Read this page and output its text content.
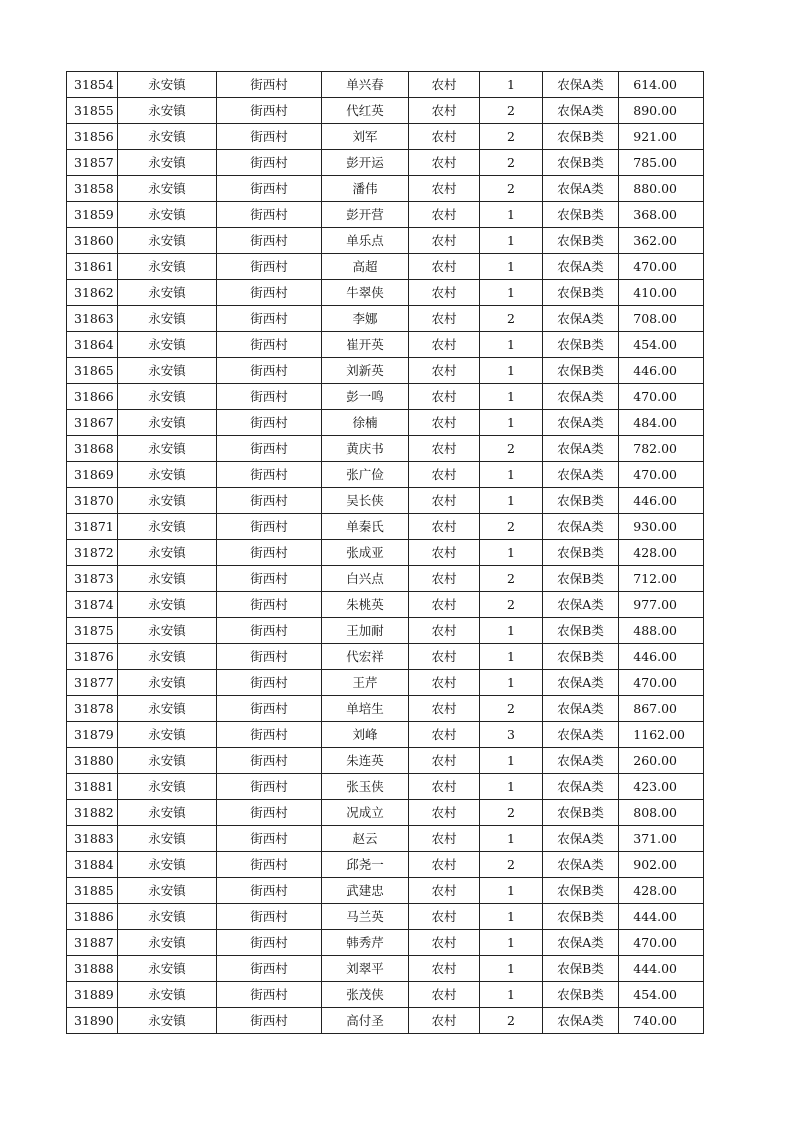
31854	永安镇	街西村	单兴春	农村	1	农保A类	614.00
31855	永安镇	街西村	代红英	农村	2	农保A类	890.00
31856	永安镇	街西村	刘军	农村	2	农保B类	921.00
31857	永安镇	街西村	彭开运	农村	2	农保B类	785.00
31858	永安镇	街西村	潘伟	农村	2	农保A类	880.00
31859	永安镇	街西村	彭开营	农村	1	农保B类	368.00
31860	永安镇	街西村	单乐点	农村	1	农保B类	362.00
31861	永安镇	街西村	高超	农村	1	农保A类	470.00
31862	永安镇	街西村	牛翠侠	农村	1	农保B类	410.00
31863	永安镇	街西村	李娜	农村	2	农保A类	708.00
31864	永安镇	街西村	崔开英	农村	1	农保B类	454.00
31865	永安镇	街西村	刘新英	农村	1	农保B类	446.00
31866	永安镇	街西村	彭一鸣	农村	1	农保A类	470.00
31867	永安镇	街西村	徐楠	农村	1	农保A类	484.00
31868	永安镇	街西村	黄庆书	农村	2	农保A类	782.00
31869	永安镇	街西村	张广俭	农村	1	农保A类	470.00
31870	永安镇	街西村	吴长侠	农村	1	农保B类	446.00
31871	永安镇	街西村	单秦氏	农村	2	农保A类	930.00
31872	永安镇	街西村	张成亚	农村	1	农保B类	428.00
31873	永安镇	街西村	白兴点	农村	2	农保B类	712.00
31874	永安镇	街西村	朱桃英	农村	2	农保A类	977.00
31875	永安镇	街西村	王加耐	农村	1	农保B类	488.00
31876	永安镇	街西村	代宏祥	农村	1	农保B类	446.00
31877	永安镇	街西村	王芹	农村	1	农保A类	470.00
31878	永安镇	街西村	单培生	农村	2	农保A类	867.00
31879	永安镇	街西村	刘峰	农村	3	农保A类	1162.00
31880	永安镇	街西村	朱连英	农村	1	农保A类	260.00
31881	永安镇	街西村	张玉侠	农村	1	农保A类	423.00
31882	永安镇	街西村	况成立	农村	2	农保B类	808.00
31883	永安镇	街西村	赵云	农村	1	农保A类	371.00
31884	永安镇	街西村	邱尧一	农村	2	农保A类	902.00
31885	永安镇	街西村	武建忠	农村	1	农保B类	428.00
31886	永安镇	街西村	马兰英	农村	1	农保B类	444.00
31887	永安镇	街西村	韩秀芹	农村	1	农保A类	470.00
31888	永安镇	街西村	刘翠平	农村	1	农保B类	444.00
31889	永安镇	街西村	张茂侠	农村	1	农保B类	454.00
31890	永安镇	街西村	高付圣	农村	2	农保A类	740.00
